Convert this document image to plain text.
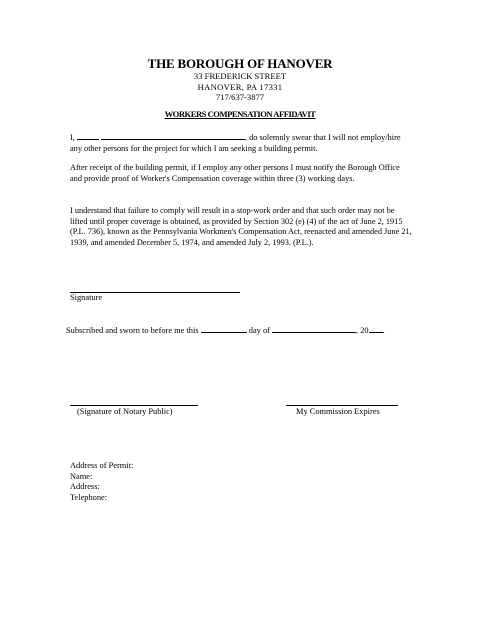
THE BOROUGH OF HANOVER
33 FREDERICK STREET
HANOVER, PA 17331
717/637-3877
WORKERS COMPENSATION AFFIDAVIT
I,	, do solemnly swear that I will not employ/hire any other persons for the project for which I am seeking a building permit.
After receipt of the building permit, if I employ any other persons I must notify the Borough Office and provide proof of Worker's Compensation coverage within three (3) working days.
I understand that failure to comply will result in a stop-work order and that such order may not be lifted until proper coverage is obtained, as provided by Section 302 (e) (4) of the act of June 2, 1915 (P.L. 736), known as the Pennsylvania Workmen's Compensation Act, reenacted and amended June 21, 1939, and amended December 5, 1974, and amended July 2, 1993. (P.L.).
Signature
Subscribed and sworn to before me this	day of	, 20 .
(Signature of Notary Public)	My Commission Expires
Address of Permit:
Name:
Address:
Telephone:
